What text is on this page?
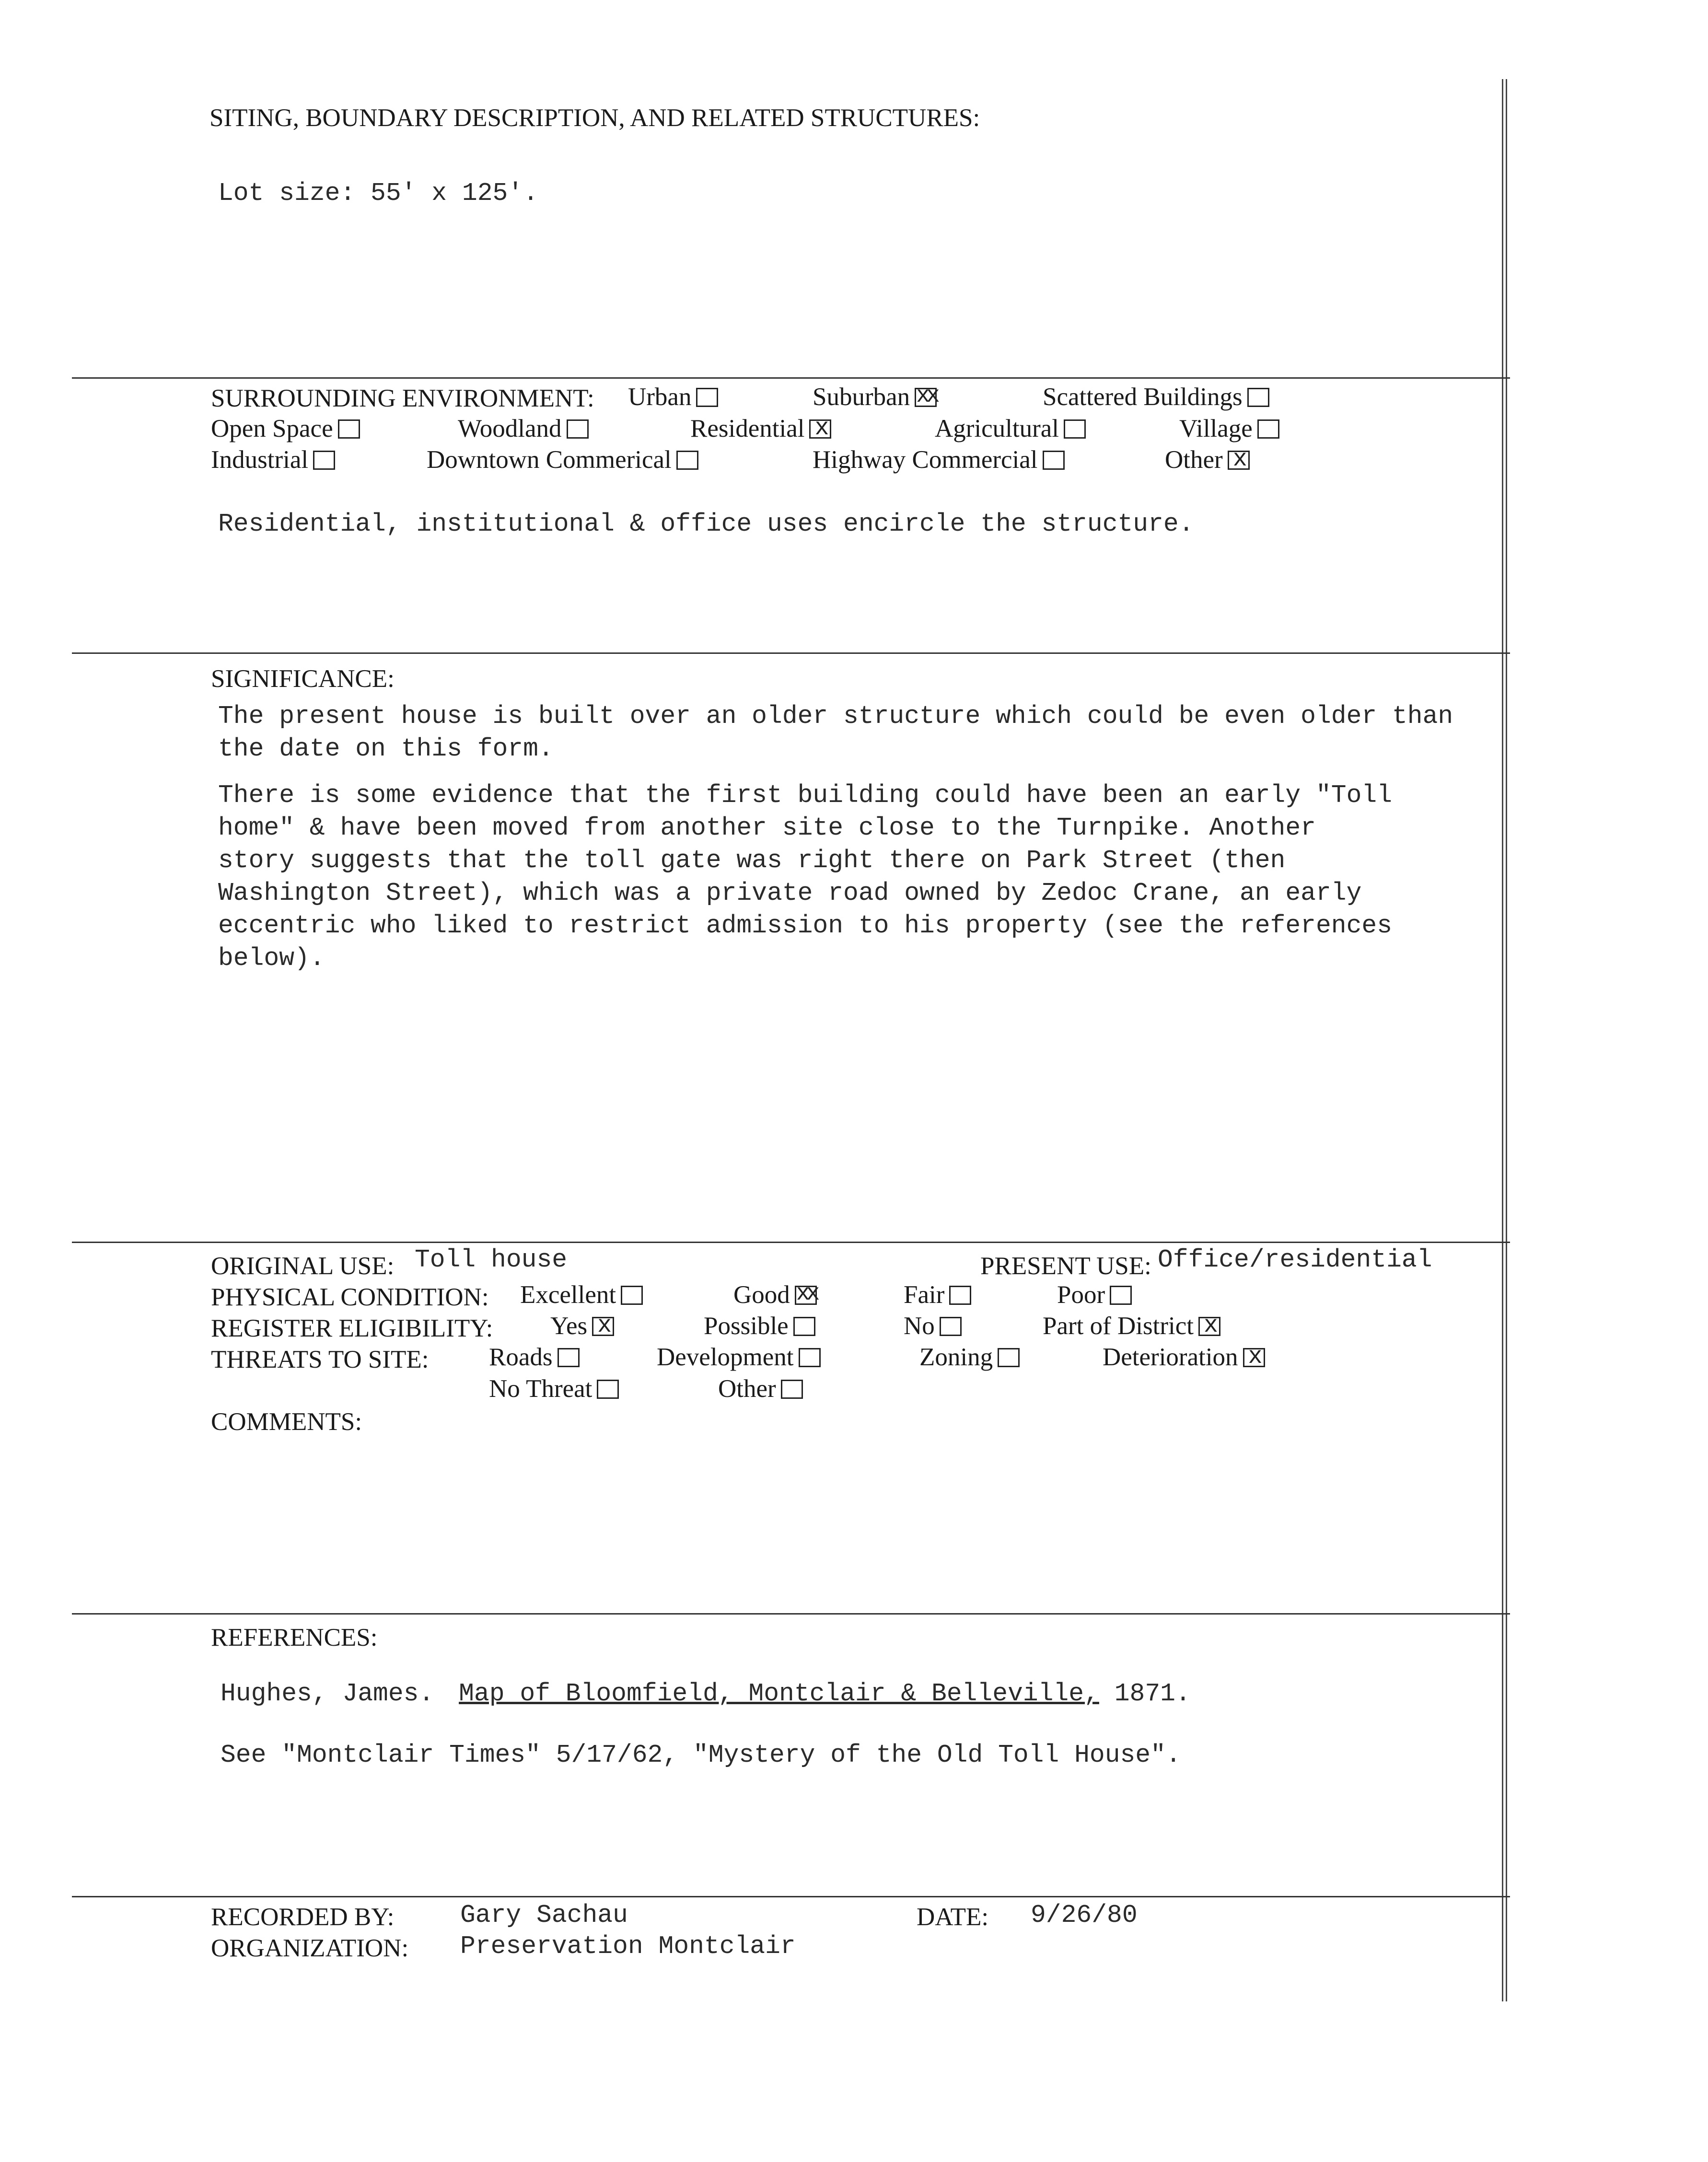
SITING, BOUNDARY DESCRIPTION, AND RELATED STRUCTURES:
Lot size: 55' x 125'.
SURROUNDING ENVIRONMENT: Urban	Suburban xx	Scattered Buildings
Open Space	Woodland	Residential x	Agricultural	Village
Industrial	Downtown Commerical	Highway Commercial	Otherx
Residential, institutional & office uses encircle the structure.
SIGNIFICANCE:
The present house is built over an older structure which could be even older than the date on this form.
There is some evidence that the first building could have been an early "Toll home" & have been moved from another site close to the Turnpike. Another story suggests that the toll gate was right there on Park Street (then Washington Street), which was a private road owned by Zedoc Crane, an early eccentric who liked to restrict admission to his property (see the references below).
ORIGINAL USE: Toll house	PRESENT USE: Office/residential
PHYSICAL CONDITION: Excellent	Good xx	Fair	Poor
REGISTER ELIGIBILITY: Yes x	Possible	No	Part of Districtx
THREATS TO SITE: Roads	Development	Zoning	Deteriorationx
No Threat	Other
COMMENTS:
REFERENCES:
Hughes, James. Map of Bloomfield, Montclair & Belleville, 1871.
See "Montclair Times" 5/17/62, "Mystery of the Old Toll House".
RECORDED BY:	Gary Sachau	DATE: 9/26/80
ORGANIZATION: Preservation Montclair
